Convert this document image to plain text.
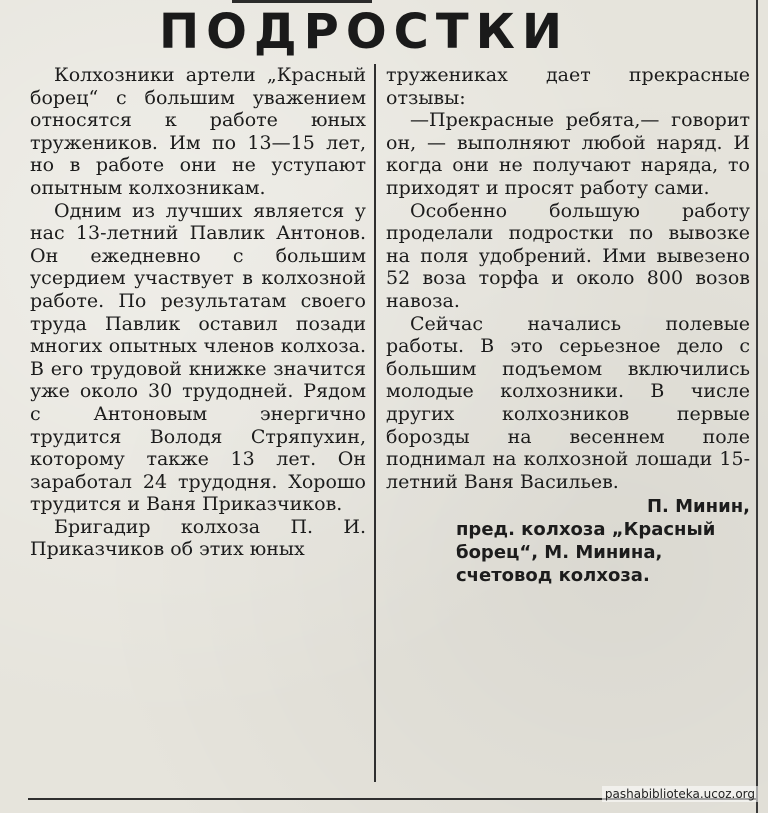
ПОДРОСТКИ

Колхозники артели „Красный борец“ с большим уважением относятся к работе юных тружеников. Им по 13—15 лет, но в работе они не уступают опытным колхозникам.

Одним из лучших является у нас 13-летний Павлик Антонов. Он ежедневно с большим усердием участвует в колхозной работе. По результатам своего труда Павлик оставил позади многих опытных членов колхоза. В его трудовой книжке значится уже около 30 трудодней. Рядом с Антоновым энергично трудится Володя Стряпухин, которому также 13 лет. Он заработал 24 трудодня. Хорошо трудится и Ваня Приказчиков.

Бригадир колхоза П. И. Приказчиков об этих юных

тружениках дает прекрасные отзывы:

—Прекрасные ребята,— говорит он, — выполняют любой наряд. И когда они не получают наряда, то приходят и просят работу сами.

Особенно большую работу проделали подростки по вывозке на поля удобрений. Ими вывезено 52 воза торфа и около 800 возов навоза.

Сейчас начались полевые работы. В это серьезное дело с большим подъемом включились молодые колхозники. В числе других колхозников первые борозды на весеннем поле поднимал на колхозной лошади 15-летний Ваня Васильев.

П. Минин,
пред. колхоза „Красный борец“, М. Минина,
счетовод колхоза.
pashabiblioteka.ucoz.org
